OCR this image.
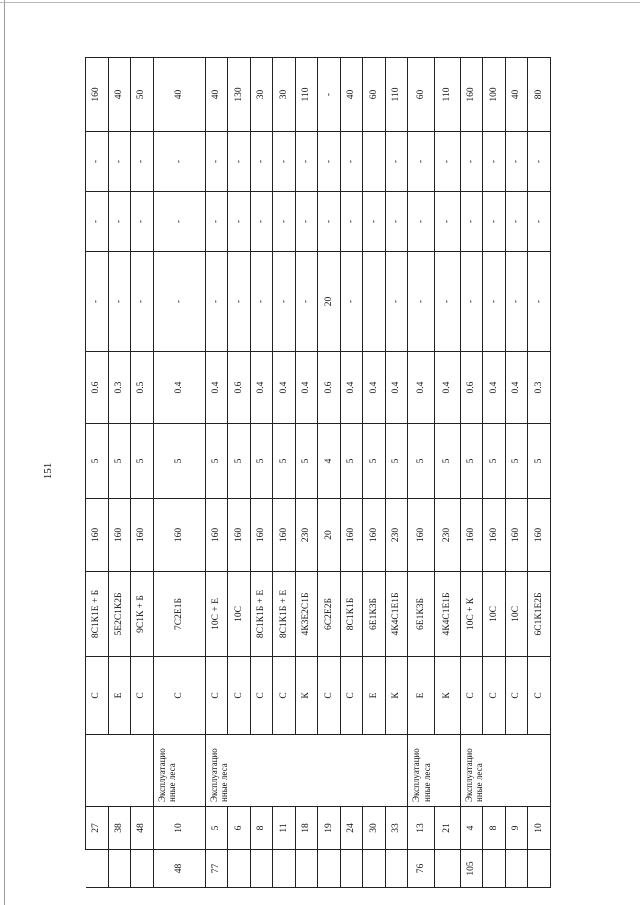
151
	27		С	8С1К1Е + Б	160	5	0.6	-	-	-	160
	38		Е	5Е2С1К2Б	160	5	0.3	-	-	-	40
	48		С	9С1К + Б	160	5	0.5	-	-	-	50
48	10	Эксплуатацио нные леса	С	7С2Е1Б	160	5	0.4	-	-	-	40
77	5	Эксплуатацио нные леса	С	10С + Е	160	5	0.4	-	-	-	40
	6		С	10С	160	5	0.6	-	-	-	130
	8		С	8С1К1Б + Е	160	5	0.4	-	-	-	30
	11		С	8С1К1Б + Е	160	5	0.4	-	-	-	30
	18		К	4К3Е2С1Б	230	5	0.4	-	-	-	110
	19		С	6С2Е2Б	20	4	0.6	20	-	-	-
	24		С	8С1К1Б	160	5	0.4	-	-	-	40
	30		Е	6Е1К3Б	160	5	0.4		-		60
	33		К	4К4С1Е1Б	230	5	0.4	-	-	-	110
76	13	Эксплуатацио нные леса	Е	6Е1К3Б	160	5	0.4	-	-	-	60
	21		К	4К4С1Е1Б	230	5	0.4	-	-	-	110
105	4	Эксплуатацио нные леса	С	10С + К	160	5	0.6	-	-	-	160
	8		С	10С	160	5	0.4	-	-	-	100
	9		С	10С	160	5	0.4	-	-	-	40
	10		С	6С1К1Е2Б	160	5	0.3	-	-	-	80
